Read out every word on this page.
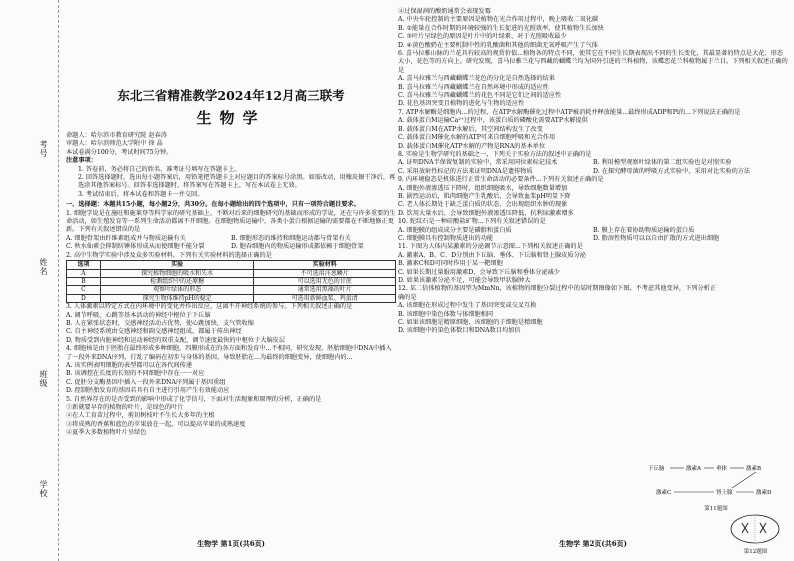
考号
姓名
班级
学校
东北三省精准教学2024年12月高三联考
生物学
命题人：哈尔滨市教育研究院 赵春涛
审题人：哈尔滨师范大学附中 徐 晶
本试卷满分100分，考试时间75分钟。
注意事项：
1. 答卷前，务必将自己的姓名、准考证号填写在答题卡上。
2. 回答选择题时，选出每小题答案后，用铅笔把答题卡上对应题目的答案标号涂黑。如需改动，用橡皮擦干净后，再选涂其他答案标号。回答非选择题时，将答案写在答题卡上，写在本试卷上无效。
3. 考试结束后，将本试卷和答题卡一并交回。
一、选择题：本题共15小题，每小题2分，共30分。在每小题给出的四个选项中，只有一项符合题目要求。
1. 细胞学说是在施旺和施莱登等科学家的研究基础上，不断对后来的细胞研究的基础而形成的学说，还在与许多重要的生命活动，如生殖发育等一系列生命活动都离不开细胞。在细胞物质运输中，各类小蛋白根据运输的需要都在不断地修正更新。下列有关叙述错误的是
A. 细胞骨架由纤维素组成并与物质运输有关	B. 细胞形态的维持和细胞运动都与骨架有关
C. 秋水仙素会抑制纺锤体形成从而使细胞不能分裂	D. 胞吞细胞内的物质运输形成都依赖于细胞骨架
2. 高中生物学实验中涉及众多实验材料，下列有关实验材料的选择正确的是
选项	实验	实验材料
A	探究植物细胞的吸水和失水	不可选用洋葱鳞片
B	检测组织中的还原糖	可以选用无色的甘蔗
C	观察叶绿体的形态	通常选用黑藻的叶片
D	探究生物体维持pH的稳定	可选用新鲜血浆、鸡蛋清
3. 人体激素以特定方式在内环境中的变化并作出反应，这离不开神经系统的参与。下列相关叙述正确的是
A. 调节呼吸、心跳等基本活动的神经中枢位于下丘脑
B. 人在紧张状态时，交感神经活动占优势，使心跳加快，支气管收缩
C. 自主神经系统由交感神经和副交感神经组成，都属于传出神经
D. 物质受到内脏神经和运动神经的双重支配，调节速度最快的中枢位于大脑皮层
4. 细胞核是由于胚胎在最终形成多种细胞，四膜形成在的各方面和发育中...不相同，研究发现，胚胎细胞中DNA中插入了一段外来DNA序列，打乱了编码在初步与身体的基因，导致胚胎在...为最终的细胞变异，使细胞内的...
A. 该实例表明细胞的表型都可以在各代间传递
B. 该调控在长度的长短的不同细胞中存在一一对应
C. 促胚分支酶基因中插入一段外来DNA序列属于基因重组
D. 控制胚胎发育的基因若具有自主进行引用产生有效能动应
5. 自然界存在的是否受到的影响中形成了化学信号，下面对生活现象和原理的分析，正确的是
①新就要早存的植物的叶片，是绿色的叶片
②在人工育苗过程中，剪切树枝叶不生长大多年的主根
③将成熟的香蕉和蓝色的苹果放在一起，可以提高苹果的成熟速度
④夏季大多数植物叶片呈绿色
生物学 第1页(共6页)
④过保湿润的酸奶通常会表现发霉
A. 中央车轮控制的主要原因是植物在光合作用过程中，晚上吸收二氧化碳
B. ②能量在合作时期的环境较强的生长促进的光照效率，使其植物生长加快
C. ③叶片呈绿色的原因是叶片中的叶绿素、对于光照吸收最少
D. ④黄色酸奶在主要机制中性的乳酸菌和其他的细菌无氧呼吸产生了气体
6. 喜马拉雅山脉的兰花具有较高的观赏价值...植物各的特点不同，使其它在不同生长期表现出不同的生长变化，其最显著的特点是大花、形态大小，花色等的方向上。研究发现，喜马拉雅兰花与西藏的蝴蝶兰均为国外引进的兰科植物，该蝶恋花兰科植物属于兰目。下列相关叙述正确的是
A. 喜马拉雅兰与西藏蝴蝶兰花色的分化是自然选择的结果
B. 喜马拉雅兰与西藏蝴蝶兰在自然环境中形成的适应性
C. 喜马拉雅兰与西藏蝴蝶兰的花色不同是它们之间的适应性
D. 花色基因突变且植物的进化与生物的适应性
7. ATP水解酶是细胞内...的过程，在ATP水解酶催化过程中ATP被消耗并释放能量...最终形成ADP和Pi的...下列说法正确的是
A. 载体蛋白M运输Ca²⁺过程中，该蛋白质的磷酸化需要ATP水解提供
B. 载体蛋白M在ATP水解后，其空间结构发生了改变
C. 载体蛋白M催化水解的ATP可来自细胞呼吸和光合作用
D. 载体蛋白M催化ATP水解的产物是RNA的基本单位
8. 实验是生物学研究的基础之一，下列关于实验方法的叙述中正确的是
A. 证明DNA半保留复制的实验中，常采用同位素标记技术	B. 利用模型观察叶绿体的第二组实验也是对照实验
C. 采用放射性标记的方法来证明DNA是遗传物质	D. 在探究酵母菌的呼吸方式实验中，采用对比实验的方法
9. 内环境稳态是机体进行正常生命活动的必要条件...下列有关叙述正确的是
A. 细胞外液渗透压下降时，组织细胞吸水，导致细胞数量增加
B. 剧烈运动后，肌肉细胞产生乳酸后，会导致血浆pH明显下降
C. 老人体长期处于缺乏蛋白质的状态，会出现组织水肿的现象
D. 饮用大量水后，会导致细胞外液渗透压降低，抗利尿激素增多
10. 蛇纹石是一种硅酸盐矿物...下列有关叙述错误的是
A. 细胞膜的组成成分主要是磷脂和蛋白质	B. 膜上存在着协助物质运输的蛋白质
C. 细胞膜具有控制物质进出的功能	D. 脂溶性物质可以以自由扩散的方式进出细胞
11. 下图为人体内某激素的分泌调节示意图...下列相关叙述正确的是
A. 激素A、B、C、D分别由下丘脑、垂体、下丘脑和肾上腺皮质分泌
B. 激素C和D可同时作用于某一靶细胞
C. 如果长期过量服用激素D，会导致下丘脑和垂体分泌减少
D. 如果该激素分泌不足，可能会导致甲状腺肿大
12. 某二倍体植物的基因型为MmNn，该植物的细胞分裂过程中的某时期图像如下图，不考虑其他变异，下列分析正确的是
A. 该细胞在形成过程中发生了基因突变或交叉互换
B. 该细胞中染色体数与体细胞相同
C. 如果该细胞是精原细胞，该细胞的子细胞是精细胞
D. 该细胞中的染色体数目和DNA数目均加倍
下丘脑	激素A	垂体	激素B
肾上腺
激素C	激素D
第11题图
第12题图
生物学 第2页(共6页)
